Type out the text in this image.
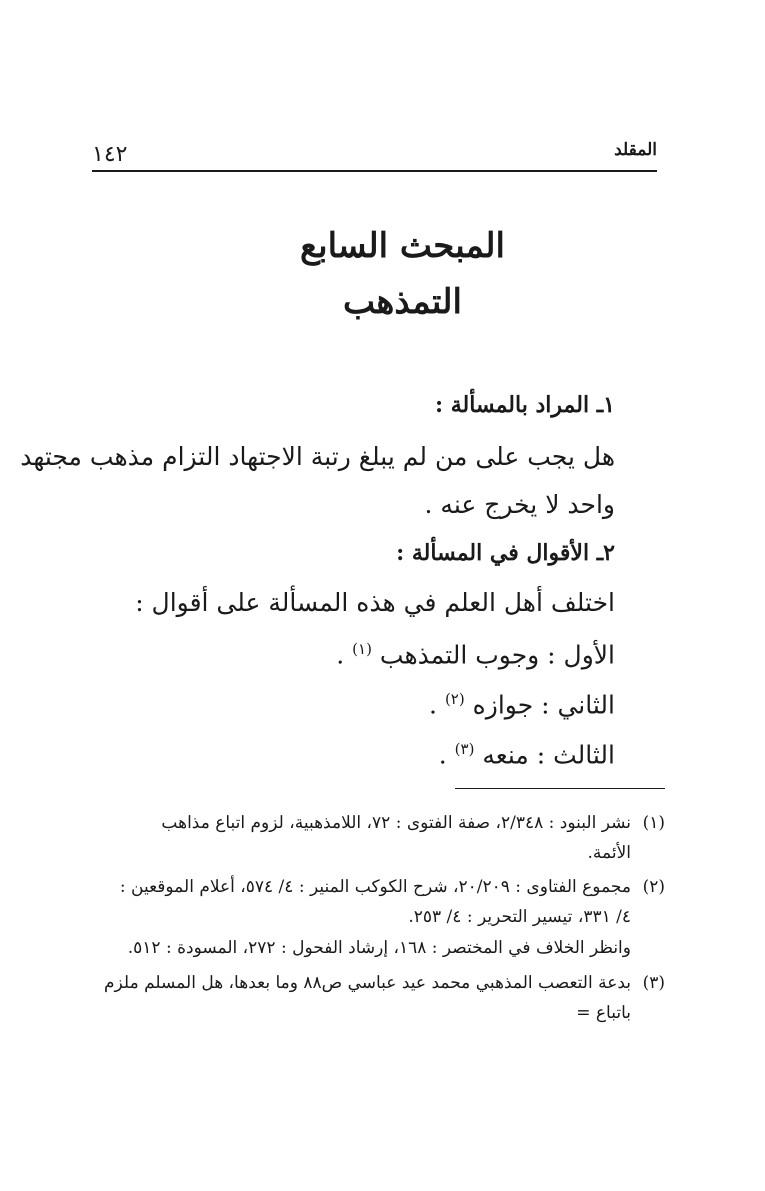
١٤٢	المقلد
المبحث السابع
التمذهب
١ـ المراد بالمسألة :
هل يجب على من لم يبلغ رتبة الاجتهاد التزام مذهب مجتهد
واحد لا يخرج عنه .
٢ـ الأقوال في المسألة :
اختلف أهل العلم في هذه المسألة على أقوال :
الأول : وجوب التمذهب $^{(١)}$ .
الثاني : جوازه $^{(٢)}$ .
الثالث : منعه $^{(٣)}$ .
(١)
نشر البنود : ٢/٣٤٨، صفة الفتوى : ٧٢، اللامذهبية، لزوم اتباع مذاهب
الأئمة.
(٢)
مجموع الفتاوى : ٢٠/٢٠٩، شرح الكوكب المنير : ٤/ ٥٧٤، أعلام الموقعين :
٤/ ٣٣١، تيسير التحرير : ٤/ ٢٥٣.
وانظر الخلاف في المختصر : ١٦٨، إرشاد الفحول : ٢٧٢، المسودة : ٥١٢.
(٣)
بدعة التعصب المذهبي محمد عيد عباسي ص٨٨ وما بعدها، هل المسلم ملزم باتباع =
